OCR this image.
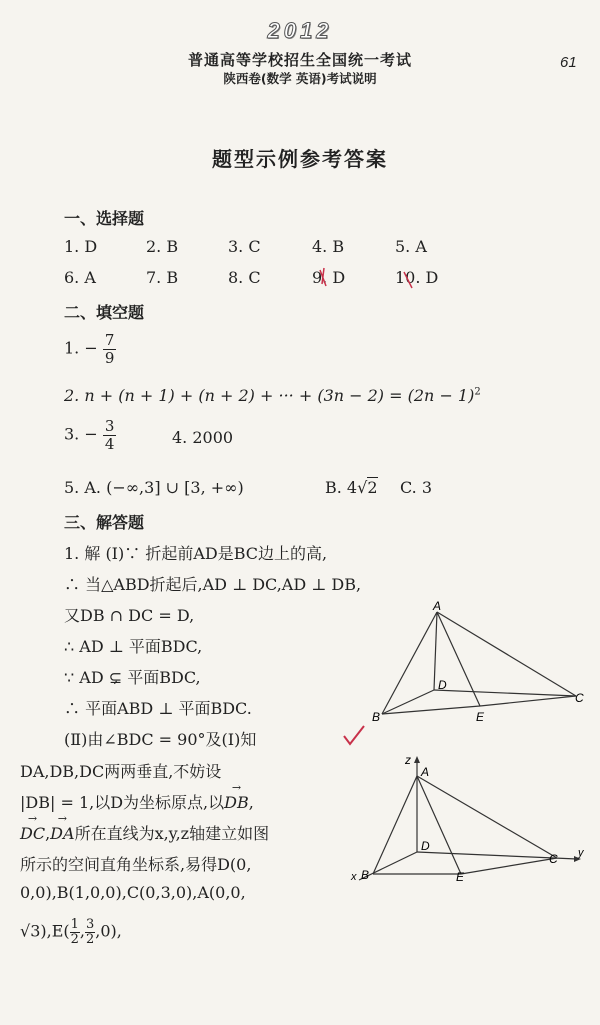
2012
普通高等学校招生全国统一考试
陕西卷(数学 英语)考试说明
61
题型示例参考答案
一、选择题
1. D	2. B	3. C	4. B	5. A
6. A	7. B	8. C	9. D	10. D
二、填空题
1. − $\frac{7}{9}$
2. n + (n + 1) + (n + 2) + ··· + $(3n - 2) = (2n - 1)^2$
3. − $\frac{3}{4}$	4. 2000
5. A. (−∞,3] ∪ [3, +∞)	B. 4√2 C. 3
三、解答题
1. 解 (Ⅰ)∵ 折起前AD是BC边上的高,
∴ 当△ABD折起后,AD ⊥ DC,AD ⊥ DB,
又DB ∩ DC = D,
∴ AD ⊥ 平面BDC,
∵ AD ⊊ 平面BDC,
∴ 平面ABD ⊥ 平面BDC.
(Ⅱ)由∠BDC = 90°及(Ⅰ)知
DA,DB,DC两两垂直,不妨设
|DB| = 1,以D为坐标原点,以→ DB,
→ DC,→ DA所在直线为x,y,z轴建立如图
所示的空间直角坐标系,易得D(0,
0,0),B(1,0,0),C(0,3,0),A(0,0,
$√3),E( \frac{1}{2}$ , $\frac{3}{2} ,0$),
A
B
C
D
E
z
A
D
B
C
E
x
y
